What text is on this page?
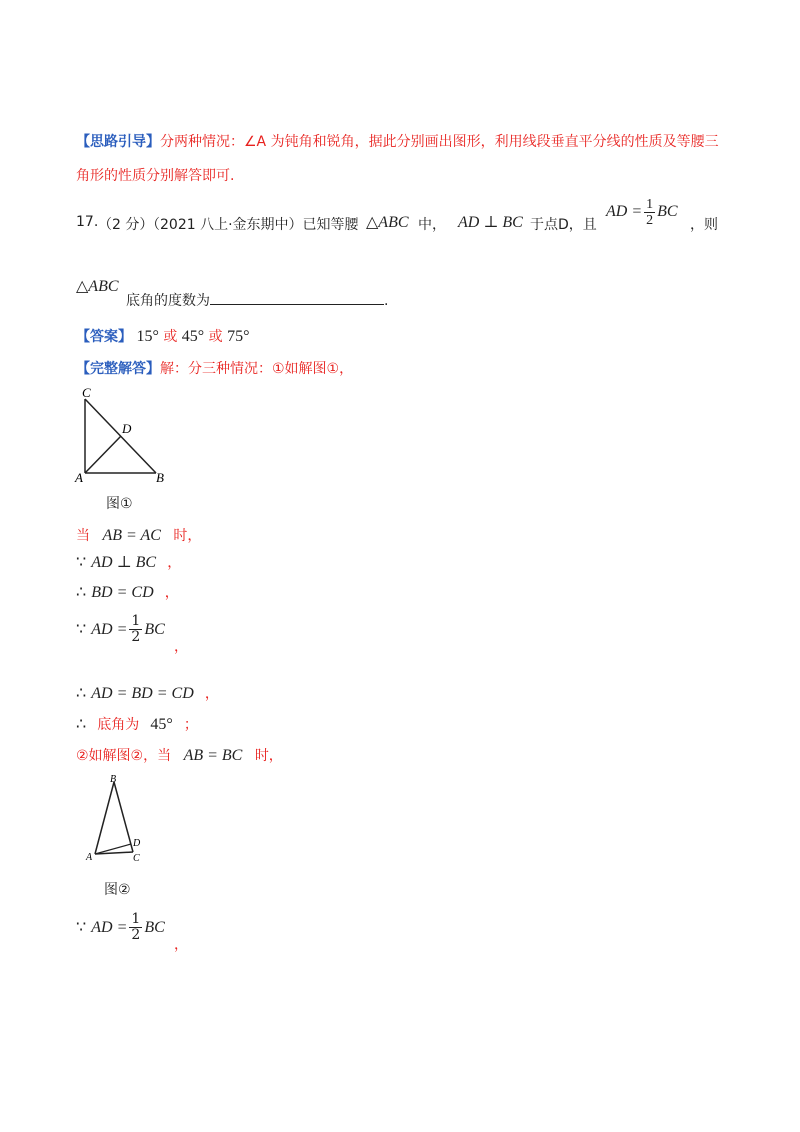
【思路引导】分两种情况：∠A 为钝角和锐角，据此分别画出图形，利用线段垂直平分线的性质及等腰三
角形的性质分别解答即可.
17. （2 分）
（2021 八上·金东期中）已知等腰 △ABC 中， AD ⊥ BC 于点D，且
AD = $\frac{1}{2}$ BC
，则
△ABC
底角的度数为	.
【答案】 15° 或 45° 或 75°
【完整解答】解：分三种情况：①如解图①，
C
D
A	B
图①
当 AB = AC 时，
∵ AD ⊥ BC ，
∴ BD = CD ，
∵ AD = $\frac{1}{2}$ BC
，
∴ AD = BD = CD ，
∴ 底角为 45° ；
②如解图②，当 AB = BC 时，
B
D
A	C
图②
∵ AD = $\frac{1}{2}$ BC
，
